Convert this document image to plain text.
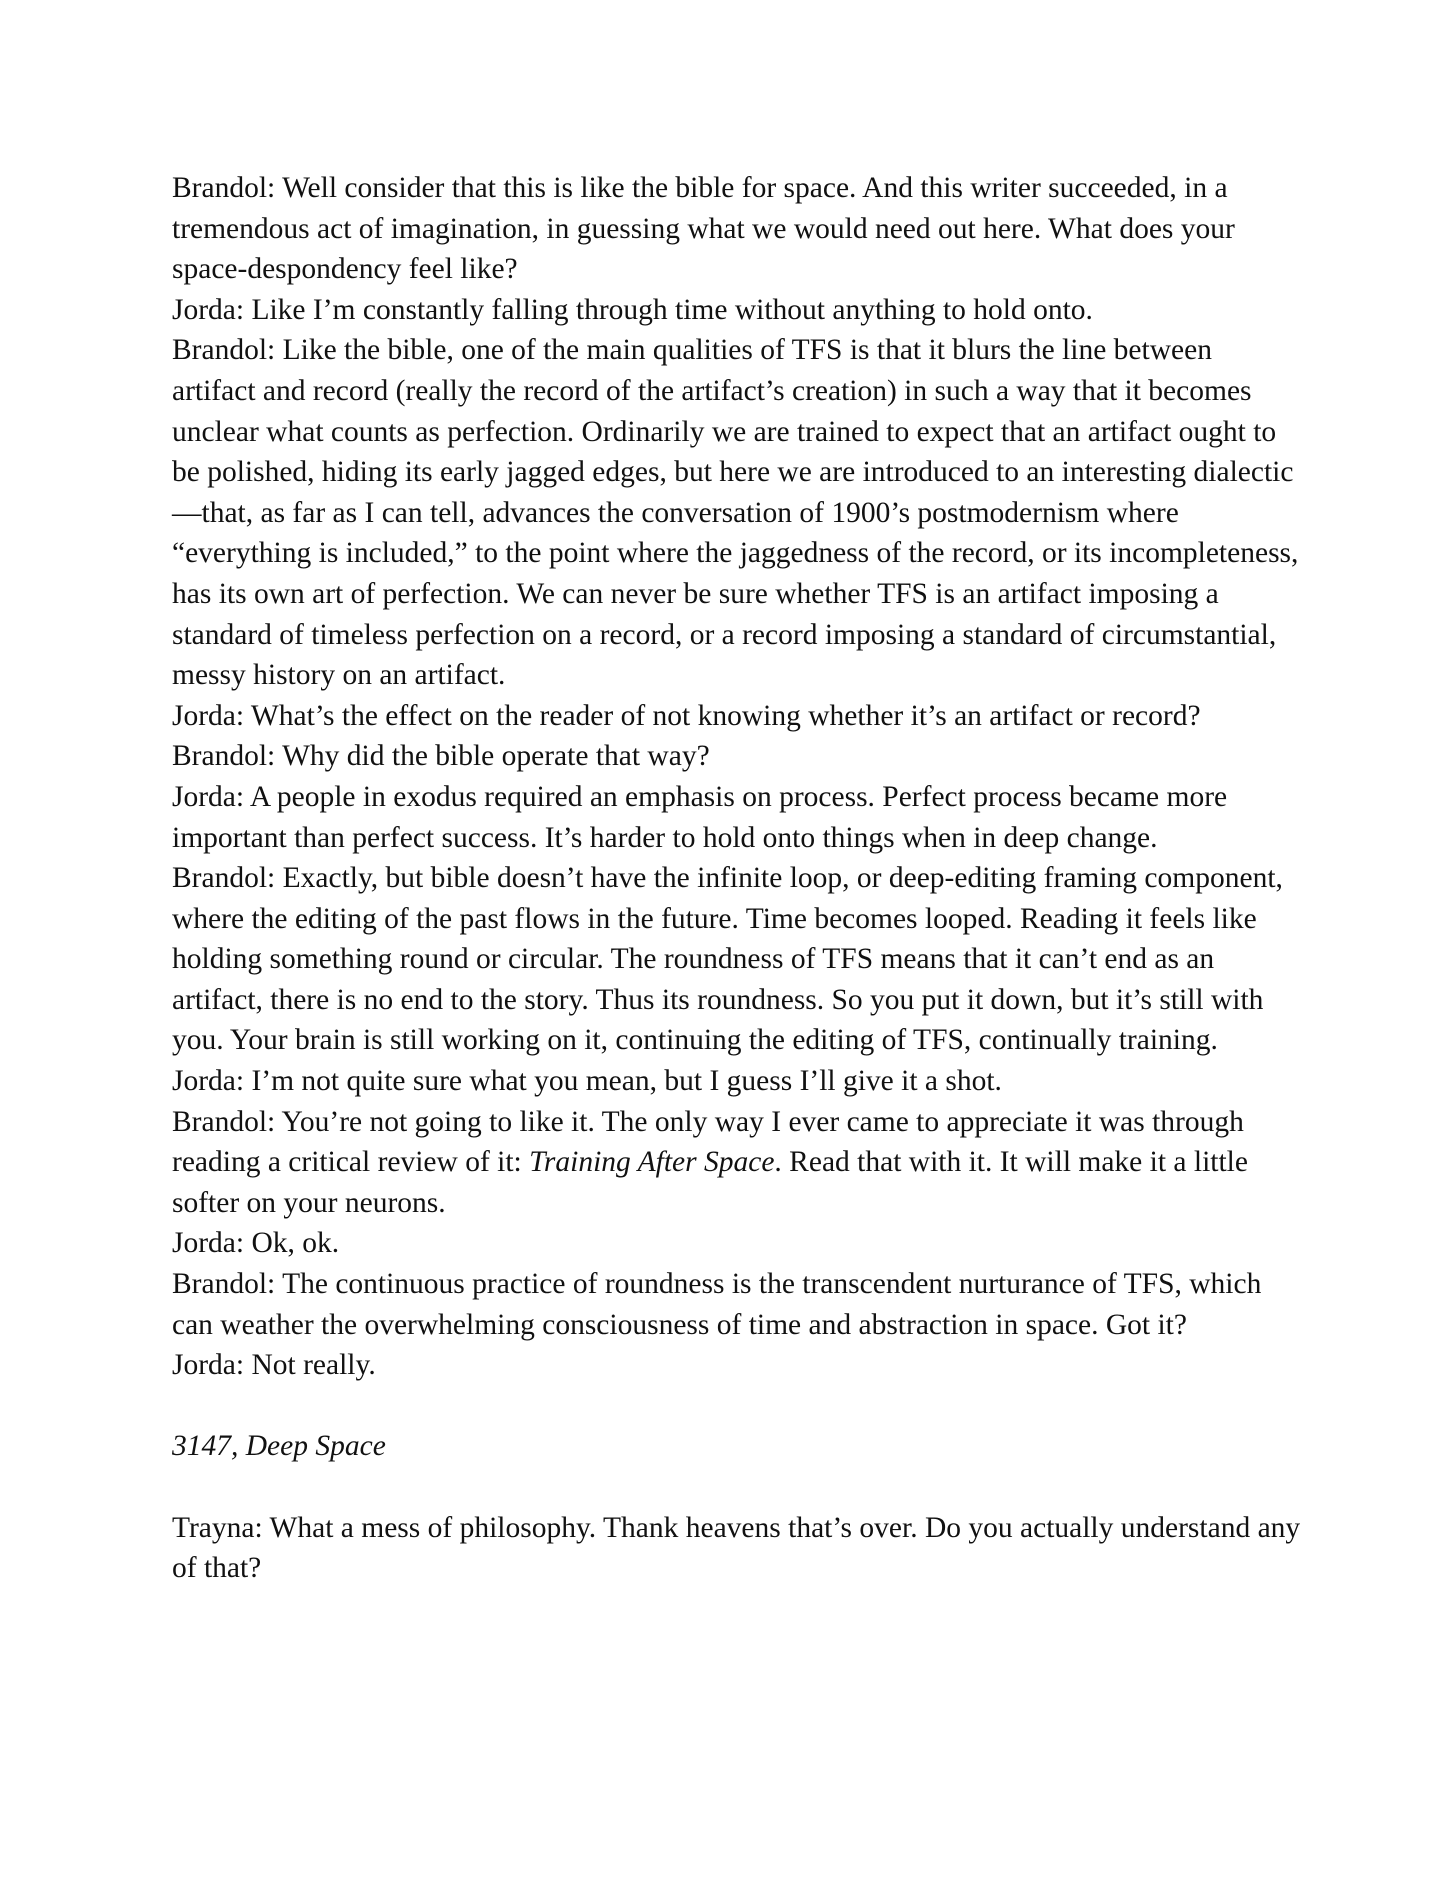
Brandol: Well consider that this is like the bible for space. And this writer succeeded, in a tremendous act of imagination, in guessing what we would need out here. What does your space-despondency feel like?

Jorda: Like I’m constantly falling through time without anything to hold onto.

Brandol: Like the bible, one of the main qualities of TFS is that it blurs the line between artifact and record (really the record of the artifact’s creation) in such a way that it becomes unclear what counts as perfection. Ordinarily we are trained to expect that an artifact ought to be polished, hiding its early jagged edges, but here we are introduced to an interesting dialectic—that, as far as I can tell, advances the conversation of 1900’s postmodernism where “everything is included,” to the point where the jaggedness of the record, or its incompleteness, has its own art of perfection. We can never be sure whether TFS is an artifact imposing a standard of timeless perfection on a record, or a record imposing a standard of circumstantial, messy history on an artifact.

Jorda: What’s the effect on the reader of not knowing whether it’s an artifact or record?

Brandol: Why did the bible operate that way?

Jorda: A people in exodus required an emphasis on process. Perfect process became more important than perfect success. It’s harder to hold onto things when in deep change.

Brandol: Exactly, but bible doesn’t have the infinite loop, or deep-editing framing component, where the editing of the past flows in the future. Time becomes looped. Reading it feels like holding something round or circular. The roundness of TFS means that it can’t end as an artifact, there is no end to the story. Thus its roundness. So you put it down, but it’s still with you. Your brain is still working on it, continuing the editing of TFS, continually training.

Jorda: I’m not quite sure what you mean, but I guess I’ll give it a shot.

Brandol: You’re not going to like it. The only way I ever came to appreciate it was through reading a critical review of it: Training After Space. Read that with it. It will make it a little softer on your neurons.

Jorda: Ok, ok.

Brandol: The continuous practice of roundness is the transcendent nurturance of TFS, which can weather the overwhelming consciousness of time and abstraction in space. Got it?

Jorda: Not really.

3147, Deep Space

Trayna: What a mess of philosophy. Thank heavens that’s over. Do you actually understand any of that?
